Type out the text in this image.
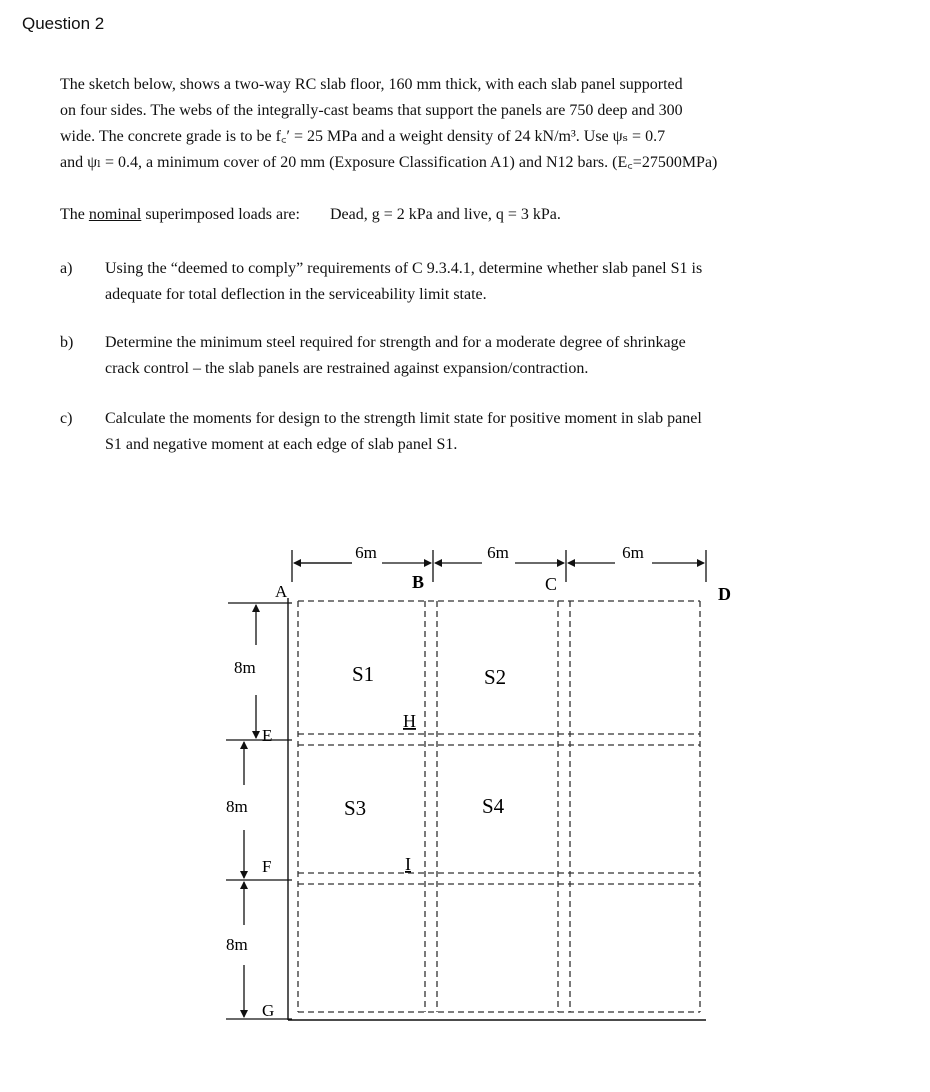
Question 2
The sketch below, shows a two-way RC slab floor, 160 mm thick, with each slab panel supported
on four sides. The webs of the integrally-cast beams that support the panels are 750 deep and 300
wide. The concrete grade is to be f꜀′ = 25 MPa and a weight density of 24 kN/m³. Use ψₛ = 0.7
and ψₗ = 0.4, a minimum cover of 20 mm (Exposure Classification A1) and N12 bars. (E꜀=27500MPa)
The nominal superimposed loads are: Dead, g = 2 kPa and live, q = 3 kPa.
a)	Using the “deemed to comply” requirements of C 9.3.4.1, determine whether slab panel S1 is
adequate for total deflection in the serviceability limit state.
b)	Determine the minimum steel required for strength and for a moderate degree of shrinkage
crack control – the slab panels are restrained against expansion/contraction.
c)	Calculate the moments for design to the strength limit state for positive moment in slab panel
S1 and negative moment at each edge of slab panel S1.
6m	6m	6m
A	B	C	D
E
F
G
H
I
8m
8m
8m
S1	S2
S3	S4
